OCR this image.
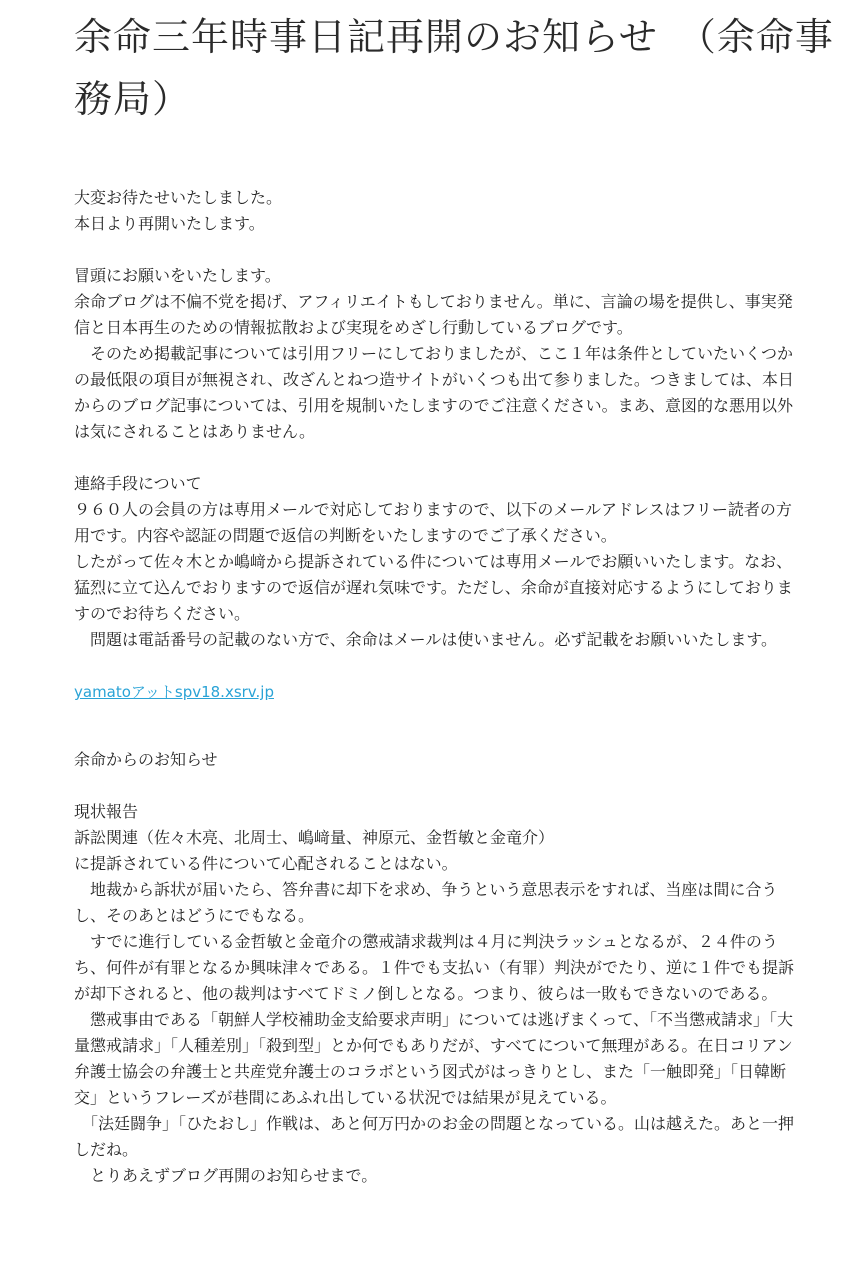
余命三年時事日記再開のお知らせ　（余命事務局）

大変お待たせいたしました。

本日より再開いたします。

冒頭にお願いをいたします。

余命ブログは不偏不党を掲げ、アフィリエイトもしておりません。単に、言論の場を提供し、事実発信と日本再生のための情報拡散および実現をめざし行動しているブログです。

　そのため掲載記事については引用フリーにしておりましたが、ここ１年は条件としていたいくつかの最低限の項目が無視され、改ざんとねつ造サイトがいくつも出て参りました。つきましては、本日からのブログ記事については、引用を規制いたしますのでご注意ください。まあ、意図的な悪用以外は気にされることはありません。

連絡手段について

９６０人の会員の方は専用メールで対応しておりますので、以下のメールアドレスはフリー読者の方用です。内容や認証の問題で返信の判断をいたしますのでご了承ください。

したがって佐々木とか嶋﨑から提訴されている件については専用メールでお願いいたします。なお、猛烈に立て込んでおりますので返信が遅れ気味です。ただし、余命が直接対応するようにしておりますのでお待ちください。

　問題は電話番号の記載のない方で、余命はメールは使いません。必ず記載をお願いいたします。

yamatoアットspv18.xsrv.jp

余命からのお知らせ

現状報告

訴訟関連（佐々木亮、北周士、嶋﨑量、神原元、金哲敏と金竜介）

に提訴されている件について心配されることはない。

　地裁から訴状が届いたら、答弁書に却下を求め、争うという意思表示をすれば、当座は間に合うし、そのあとはどうにでもなる。

　すでに進行している金哲敏と金竜介の懲戒請求裁判は４月に判決ラッシュとなるが、２４件のうち、何件が有罪となるか興味津々である。１件でも支払い（有罪）判決がでたり、逆に１件でも提訴が却下されると、他の裁判はすべてドミノ倒しとなる。つまり、彼らは一敗もできないのである。

　懲戒事由である「朝鮮人学校補助金支給要求声明」については逃げまくって、「不当懲戒請求」「大量懲戒請求」「人種差別」「殺到型」とか何でもありだが、すべてについて無理がある。在日コリアン弁護士協会の弁護士と共産党弁護士のコラボという図式がはっきりとし、また「一触即発」「日韓断交」というフレーズが巷間にあふれ出している状況では結果が見えている。

　「法廷闘争」「ひたおし」作戦は、あと何万円かのお金の問題となっている。山は越えた。あと一押しだね。

　とりあえずブログ再開のお知らせまで。
